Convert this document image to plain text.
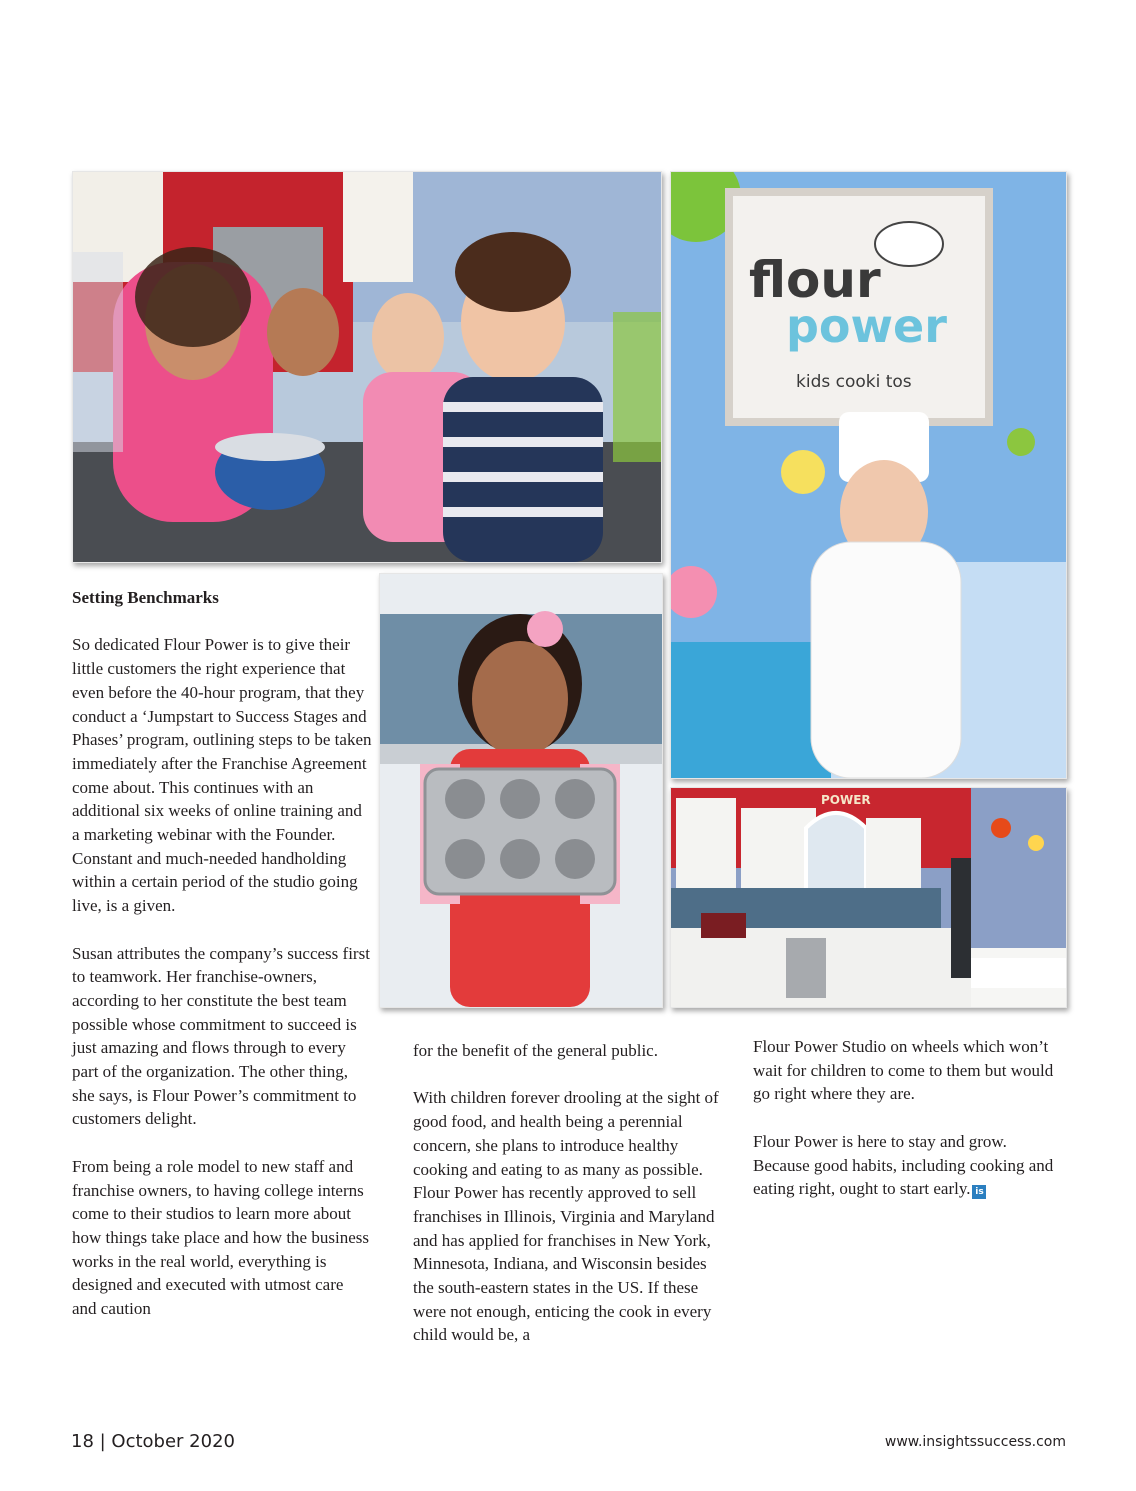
flour
power
kids cooki tos
POWER
Setting Benchmarks

So dedicated Flour Power is to give their little customers the right experience that even before the 40-hour program, that they conduct a ‘Jumpstart to Success Stages and Phases’ program, outlining steps to be taken immediately after the Franchise Agreement come about. This continues with an additional six weeks of online training and a marketing webinar with the Founder. Constant and much-needed handholding within a certain period of the studio going live, is a given.

Susan attributes the company’s success first to teamwork. Her franchise-owners, according to her constitute the best team possible whose commitment to succeed is just amazing and flows through to every part of the organization. The other thing, she says, is Flour Power’s commitment to customers delight.

From being a role model to new staff and franchise owners, to having college interns come to their studios to learn more about how things take place and how the business works in the real world, everything is designed and executed with utmost care and caution

for the benefit of the general public.

With children forever drooling at the sight of good food, and health being a perennial concern, she plans to introduce healthy cooking and eating to as many as possible. Flour Power has recently approved to sell franchises in Illinois, Virginia and Maryland and has applied for franchises in New York, Minnesota, Indiana, and Wisconsin besides the south-eastern states in the US. If these were not enough, enticing the cook in every child would be, a

Flour Power Studio on wheels which won’t wait for children to come to them but would go right where they are.

Flour Power is here to stay and grow. Because good habits, including cooking and eating right, ought to start early. is

18 | October 2020	www.insightssuccess.com
